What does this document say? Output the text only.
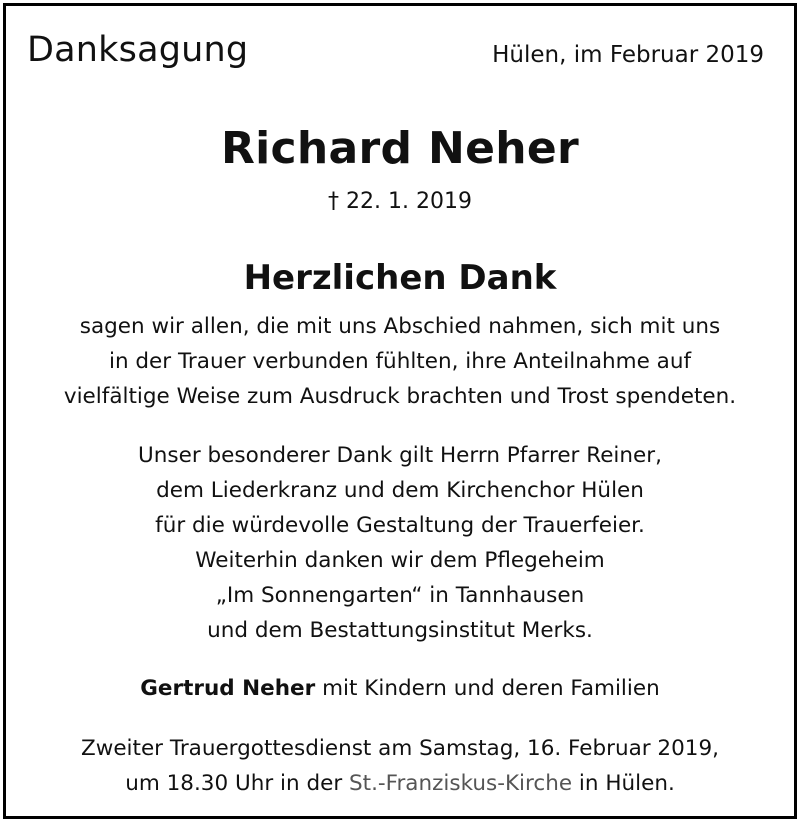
Danksagung	Hülen, im Februar 2019
Richard Neher
† 22. 1. 2019
Herzlichen Dank
sagen wir allen, die mit uns Abschied nahmen, sich mit uns
in der Trauer verbunden fühlten, ihre Anteilnahme auf
vielfältige Weise zum Ausdruck brachten und Trost spendeten.
Unser besonderer Dank gilt Herrn Pfarrer Reiner,
dem Liederkranz und dem Kirchenchor Hülen
für die würdevolle Gestaltung der Trauerfeier.
Weiterhin danken wir dem Pflegeheim
„Im Sonnengarten“ in Tannhausen
und dem Bestattungsinstitut Merks.
Gertrud Neher mit Kindern und deren Familien
Zweiter Trauergottesdienst am Samstag, 16. Februar 2019,
um 18.30 Uhr in der St.-Franziskus-Kirche in Hülen.
